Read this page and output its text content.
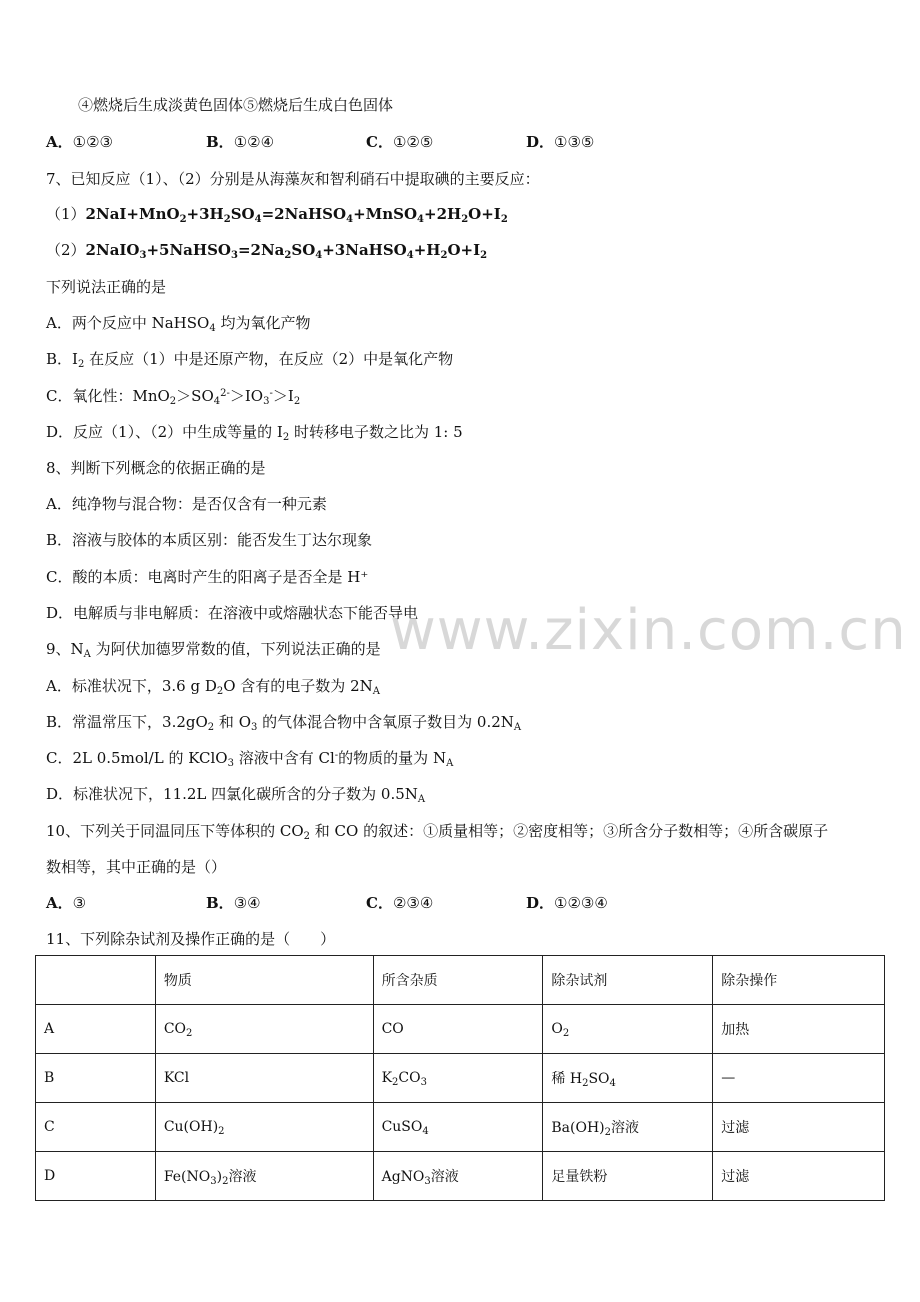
④燃烧后生成淡黄色固体⑤燃烧后生成白色固体
A．①②③	B．①②④	C．①②⑤	D．①③⑤
7、已知反应（1）、（2）分别是从海藻灰和智利硝石中提取碘的主要反应：
$(1)2NaI+MnO_2+3H_2SO_4=2NaHSO_4+MnSO_4+2H_2O+I_2$
$(2)2NaIO_3+5NaHSO_3=2Na_2SO_4+3NaHSO_4+H_2O+I_2$
下列说法正确的是
A．两个反应中 NaHSO$_4$ 均为氧化产物
B．$I_2$ 在反应（1）中是还原产物，在反应（2）中是氧化产物
C．氧化性：$MnO_2>SO_4^{2-}>IO_3^->I_2$
D．反应（1）、（2）中生成等量的 $I_2$ 时转移电子数之比为 1: 5
8、判断下列概念的依据正确的是
A．纯净物与混合物：是否仅含有一种元素
B．溶液与胶体的本质区别：能否发生丁达尔现象
C．酸的本质：电离时产生的阳离子是否全是 H⁺
D．电解质与非电解质：在溶液中或熔融状态下能否导电
www.zixin.com.cn
9、$N_A$ 为阿伏加德罗常数的值，下列说法正确的是
A．标准状况下，3.6 g $D_2O$ 含有的电子数为 $2N_A$
B．常温常压下，$3.2gO_2$ 和 $O_3$ 的气体混合物中含氧原子数目为 $0.2N_A$
C．2L 0.5mol/L 的 KClO$_3$ 溶液中含有 Cl-的物质的量为 $N_A$
D．标准状况下，11.2L 四氯化碳所含的分子数为 $0.5N_A$
10、下列关于同温同压下等体积的 $CO_2$ 和 CO 的叙述：①质量相等；②密度相等；③所含分子数相等；④所含碳原子
数相等，其中正确的是（）
A．③	B．③④	C．②③④	D．①②③④
11、下列除杂试剂及操作正确的是（　　）
	物质	所含杂质	除杂试剂	除杂操作
A	$CO_2$	CO	$O_2$	加热
B	KCl	$K_2CO_3$	稀 $H_2SO_4$	—
C	$Cu(OH)_2$	CuSO$_4$	$Ba(OH)_2$溶液	过滤
D	$Fe(NO_3)_2$溶液	AgNO$_3$溶液	足量铁粉	过滤
